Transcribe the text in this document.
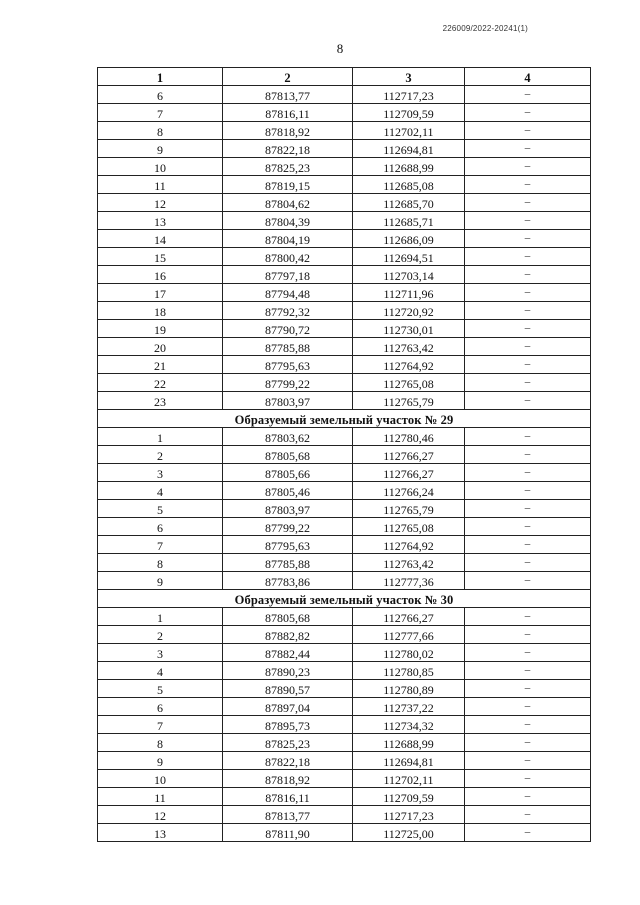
226009/2022-20241(1)
8
1	2	3	4
6	87813,77	112717,23	–
7	87816,11	112709,59	–
8	87818,92	112702,11	–
9	87822,18	112694,81	–
10	87825,23	112688,99	–
11	87819,15	112685,08	–
12	87804,62	112685,70	–
13	87804,39	112685,71	–
14	87804,19	112686,09	–
15	87800,42	112694,51	–
16	87797,18	112703,14	–
17	87794,48	112711,96	–
18	87792,32	112720,92	–
19	87790,72	112730,01	–
20	87785,88	112763,42	–
21	87795,63	112764,92	–
22	87799,22	112765,08	–
23	87803,97	112765,79	–
Образуемый земельный участок № 29			
1	87803,62	112780,46	–
2	87805,68	112766,27	–
3	87805,66	112766,27	–
4	87805,46	112766,24	–
5	87803,97	112765,79	–
6	87799,22	112765,08	–
7	87795,63	112764,92	–
8	87785,88	112763,42	–
9	87783,86	112777,36	–
Образуемый земельный участок № 30			
1	87805,68	112766,27	–
2	87882,82	112777,66	–
3	87882,44	112780,02	–
4	87890,23	112780,85	–
5	87890,57	112780,89	–
6	87897,04	112737,22	–
7	87895,73	112734,32	–
8	87825,23	112688,99	–
9	87822,18	112694,81	–
10	87818,92	112702,11	–
11	87816,11	112709,59	–
12	87813,77	112717,23	–
13	87811,90	112725,00	–
